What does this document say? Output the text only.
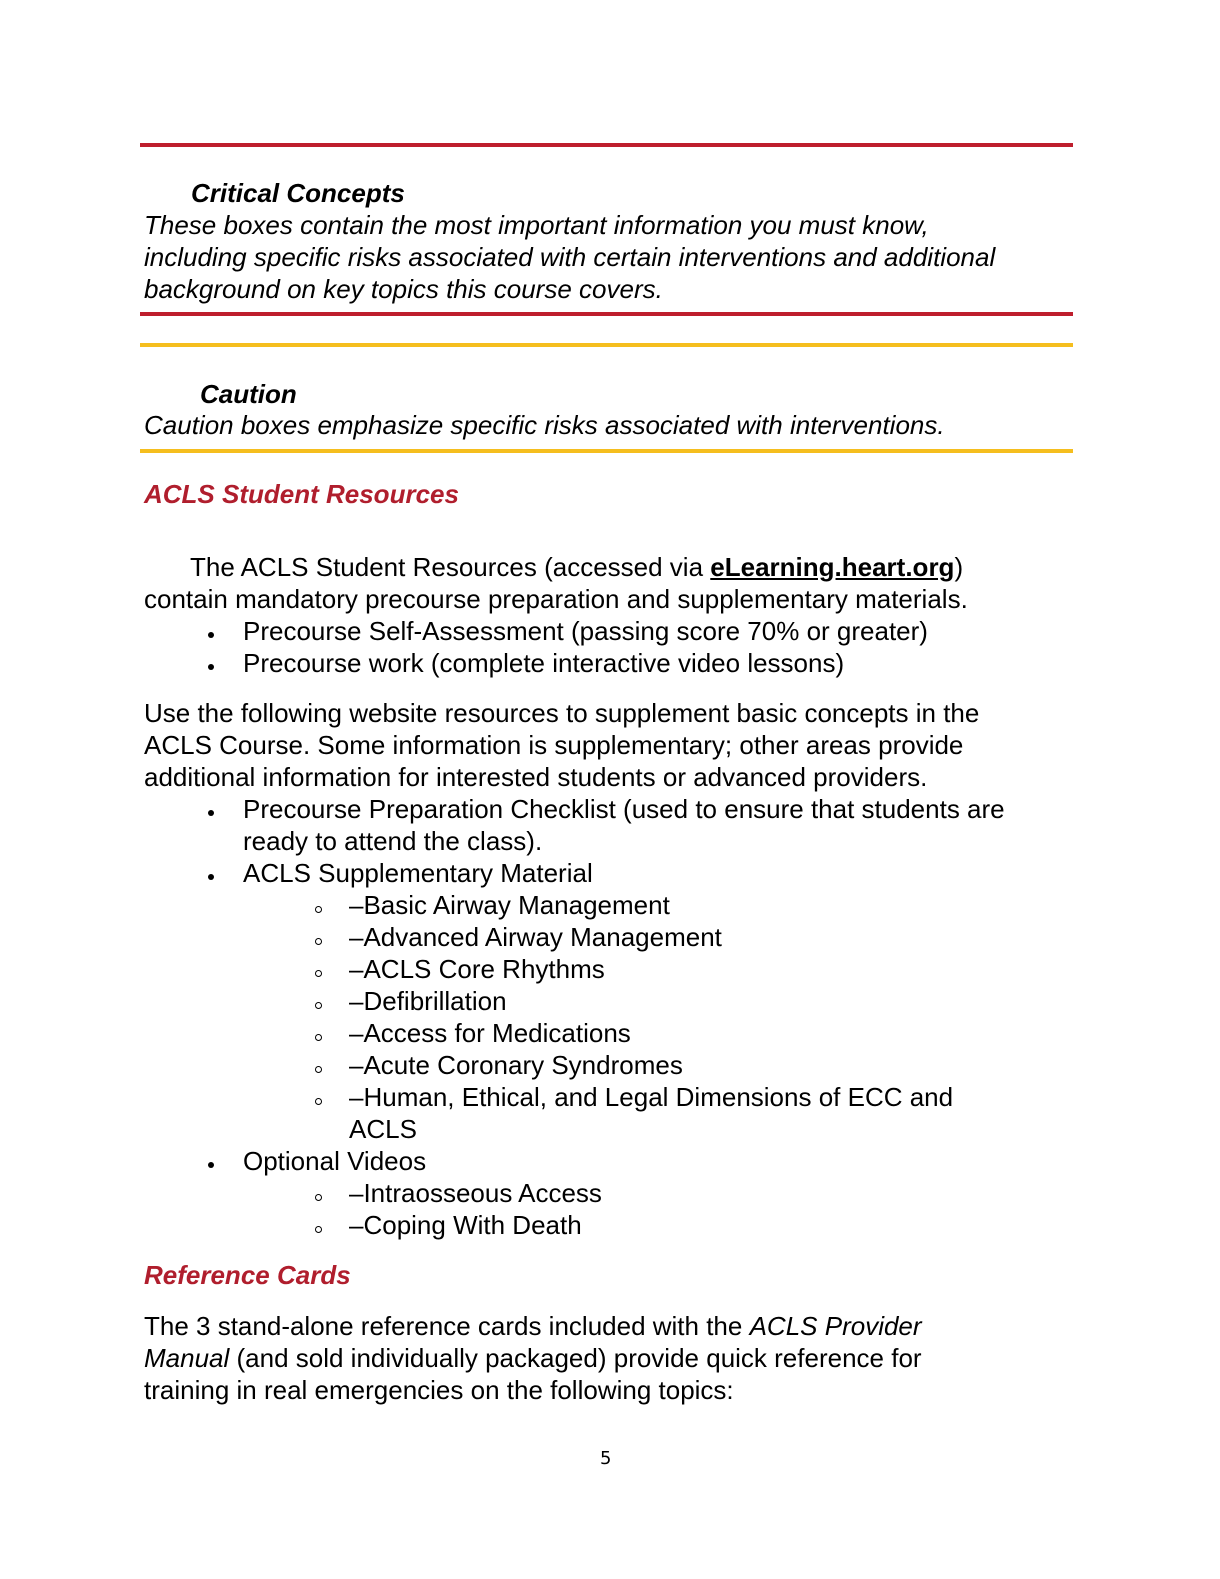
Critical Concepts
These boxes contain the most important information you must know,
including specific risks associated with certain interventions and additional
background on key topics this course covers.
Caution
Caution boxes emphasize specific risks associated with interventions.
ACLS Student Resources
The ACLS Student Resources (accessed via eLearning.heart.org)
contain mandatory precourse preparation and supplementary materials.
Precourse Self-Assessment (passing score 70% or greater)
Precourse work (complete interactive video lessons)
Use the following website resources to supplement basic concepts in the
ACLS Course. Some information is supplementary; other areas provide
additional information for interested students or advanced providers.
Precourse Preparation Checklist (used to ensure that students are
ready to attend the class).
ACLS Supplementary Material
–Basic Airway Management
–Advanced Airway Management
–ACLS Core Rhythms
–Defibrillation
–Access for Medications
–Acute Coronary Syndromes
–Human, Ethical, and Legal Dimensions of ECC and
ACLS
Optional Videos
–Intraosseous Access
–Coping With Death
Reference Cards
The 3 stand-alone reference cards included with the ACLS Provider
Manual (and sold individually packaged) provide quick reference for
training in real emergencies on the following topics:
5
